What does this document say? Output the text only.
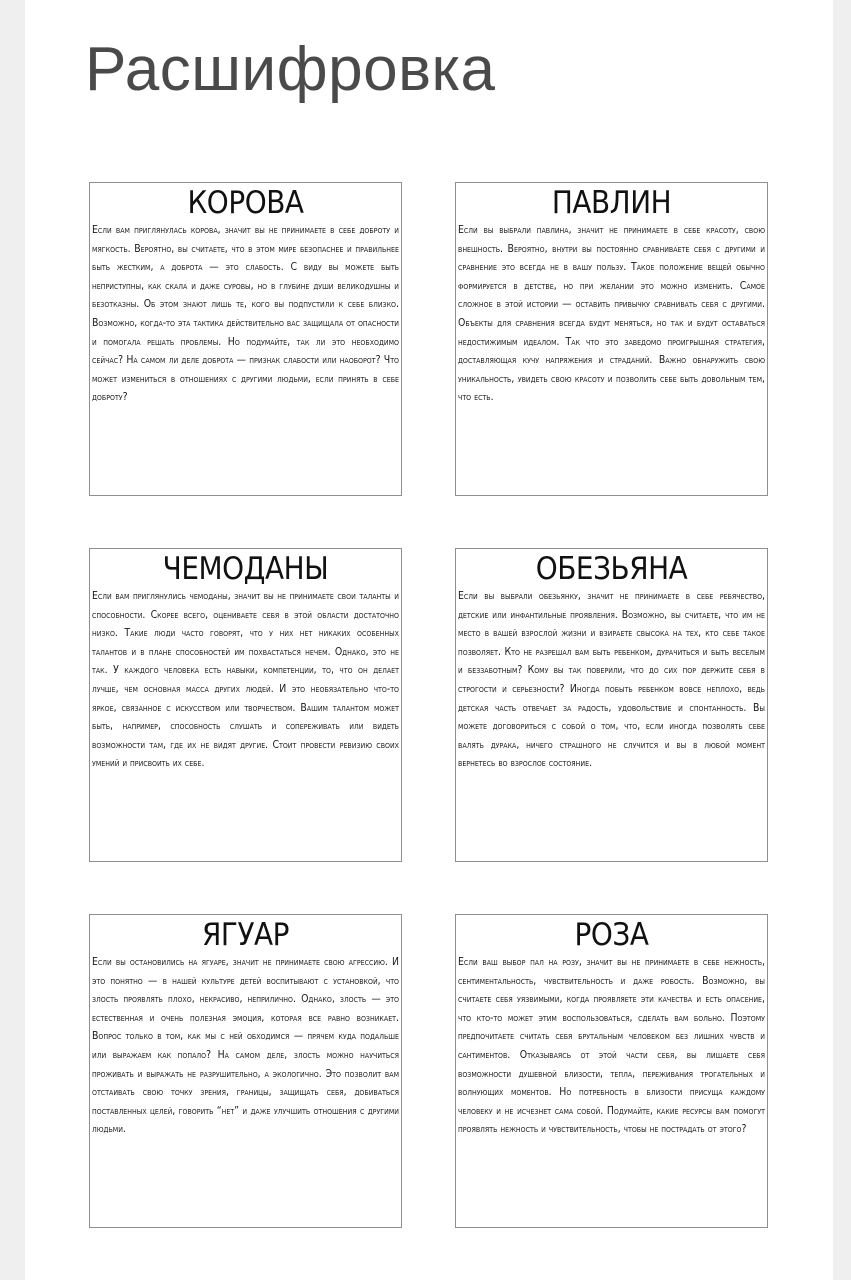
Расшифровка
КОРОВА

Если вам приглянулась корова, значит вы не принимаете в себе доброту и мягкость. Вероятно, вы считаете, что в этом мире безопаснее и правильнее быть жестким, а доброта — это слабость. С виду вы можете быть неприступны, как скала и даже суровы, но в глубине души великодушны и безотказны. Об этом знают лишь те, кого вы подпустили к себе близко. Возможно, когда-то эта тактика действительно вас защищала от опасности и помогала решать проблемы. Но подумайте, так ли это необходимо сейчас? На самом ли деле доброта — признак слабости или наоборот? Что может измениться в отношениях с другими людьми, если принять в себе доброту?

ПАВЛИН

Если вы выбрали павлина, значит не принимаете в себе красоту, свою внешность. Вероятно, внутри вы постоянно сравниваете себя с другими и сравнение это всегда не в вашу пользу. Такое положение вещей обычно формируется в детстве, но при желании это можно изменить. Самое сложное в этой истории — оставить привычку сравнивать себя с другими. Объекты для сравнения всегда будут меняться, но так и будут оставаться недостижимым идеалом. Так что это заведомо проигрышная стратегия, доставляющая кучу напряжения и страданий. Важно обнаружить свою уникальность, увидеть свою красоту и позволить себе быть довольным тем, что есть.

ЧЕМОДАНЫ

Если вам приглянулись чемоданы, значит вы не принимаете свои таланты и способности. Скорее всего, оцениваете себя в этой области достаточно низко. Такие люди часто говорят, что у них нет никаких особенных талантов и в плане способностей им похвастаться нечем. Однако, это не так. У каждого человека есть навыки, компетенции, то, что он делает лучше, чем основная масса других людей. И это необязательно что-то яркое, связанное с искусством или творчеством. Вашим талантом может быть, например, способность слушать и сопереживать или видеть возможности там, где их не видят другие. Стоит провести ревизию своих умений и присвоить их себе.

ОБЕЗЬЯНА

Если вы выбрали обезьянку, значит не принимаете в себе ребячество, детские или инфантильные проявления. Возможно, вы считаете, что им не место в вашей взрослой жизни и взираете свысока на тех, кто себе такое позволяет. Кто не разрешал вам быть ребенком, дурачиться и быть веселым и беззаботным? Кому вы так поверили, что до сих пор держите себя в строгости и серьезности? Иногда побыть ребенком вовсе неплохо, ведь детская часть отвечает за радость, удовольствие и спонтанность. Вы можете договориться с собой о том, что, если иногда позволять себе валять дурака, ничего страшного не случится и вы в любой момент вернетесь во взрослое состояние.

ЯГУАР

Если вы остановились на ягуаре, значит не принимаете свою агрессию. И это понятно — в нашей культуре детей воспитывают с установкой, что злость проявлять плохо, некрасиво, неприлично. Однако, злость — это естественная и очень полезная эмоция, которая все равно возникает. Вопрос только в том, как мы с ней обходимся — прячем куда подальше или выражаем как попало? На самом деле, злость можно научиться проживать и выражать не разрушительно, а экологично. Это позволит вам отстаивать свою точку зрения, границы, защищать себя, добиваться поставленных целей, говорить “нет” и даже улучшить отношения с другими людьми.

РОЗА

Если ваш выбор пал на розу, значит вы не принимаете в себе нежность, сентиментальность, чувствительность и даже робость. Возможно, вы считаете себя уязвимыми, когда проявляете эти качества и есть опасение, что кто-то может этим воспользоваться, сделать вам больно. Поэтому предпочитаете считать себя брутальным человеком без лишних чувств и сантиментов. Отказываясь от этой части себя, вы лишаете себя возможности душевной близости, тепла, переживания трогательных и волнующих моментов. Но потребность в близости присуща каждому человеку и не исчезнет сама собой. Подумайте, какие ресурсы вам помогут проявлять нежность и чувствительность, чтобы не пострадать от этого?
